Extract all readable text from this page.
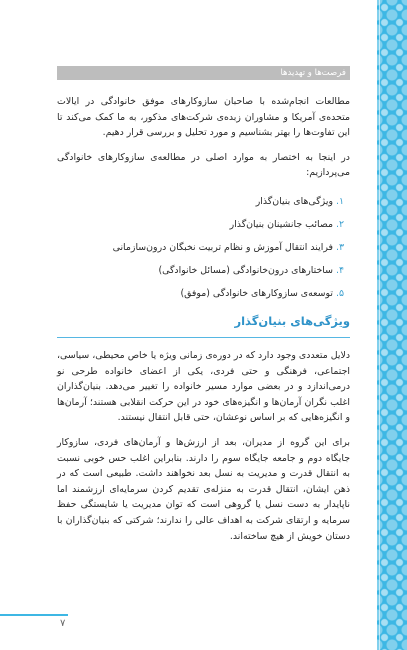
فرصت‌ها و تهدیدها

مطالعات انجام‌شده با صاحبان سازوکارهای موفق خانوادگی در ایالات متحده‌ی آمریکا و مشاوران زبده‌ی شرکت‌های مذکور، به ما کمک می‌کند تا این تفاوت‌ها را بهتر بشناسیم و مورد تحلیل و بررسی قرار دهیم.

در اینجا به اختصار به موارد اصلی در مطالعه‌ی سازوکارهای خانوادگی می‌پردازیم:

۱. ویژگی‌های بنیان‌گذار
۲. مصائب جانشینان بنیان‌گذار
۳. فرایند انتقال آموزش و نظام تربیت نخبگان درون‌سازمانی
۴. ساختارهای درون‌خانوادگی (مسائل خانوادگی)
۵. توسعه‌ی سازوکارهای خانوادگی (موفق)
ویژگی‌های بنیان‌گذار

دلایل متعددی وجود دارد که در دوره‌ی زمانی ویژه یا خاص محیطی، سیاسی، اجتماعی، فرهنگی و حتی فردی، یکی از اعضای خانواده طرحی نو درمی‌اندازد و در بعضی موارد مسیر خانواده را تغییر می‌دهد. بنیان‌گذاران اغلب نگران آرمان‌ها و انگیزه‌های خود در این حرکت انقلابی هستند؛ آرمان‌ها و انگیزه‌هایی که بر اساس نوعشان، حتی قابل انتقال نیستند.

برای این گروه از مدیران، بعد از ارزش‌ها و آرمان‌های فردی، سازوکار جایگاه دوم و جامعه جایگاه سوم را دارند. بنابراین اغلب حس خوبی نسبت به انتقال قدرت و مدیریت به نسل بعد نخواهند داشت. طبیعی است که در ذهن ایشان، انتقال قدرت به منزله‌ی تقدیم کردن سرمایه‌ای ارزشمند اما ناپایدار به دست نسل یا گروهی است که توان مدیریت یا شایستگی حفظ سرمایه و ارتقای شرکت به اهداف عالی را ندارند؛ شرکتی که بنیان‌گذاران با دستان خویش از هیچ ساخته‌اند.

۷
